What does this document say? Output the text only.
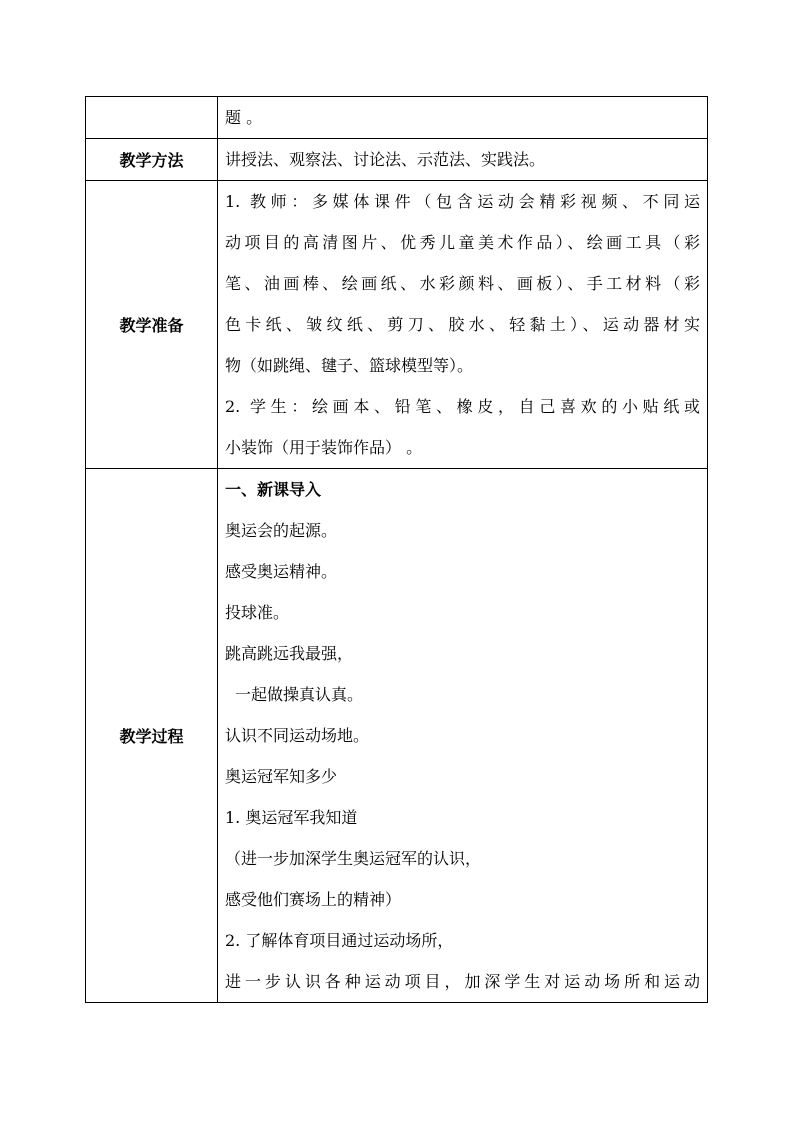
题 。
教学方法	讲授法、观察法、讨论法、示范法、实践法。
教学准备
1. 教师：多媒体课件（包含运动会精彩视频、不同运
动项目的高清图片、优秀儿童美术作品）、绘画工具（彩
笔、油画棒、绘画纸、水彩颜料、画板）、手工材料（彩
色卡纸、皱纹纸、剪刀、胶水、轻黏土）、运动器材实
物（如跳绳、毽子、篮球模型等）。
2. 学生：绘画本、铅笔、橡皮，自己喜欢的小贴纸或
小装饰（用于装饰作品） 。
教学过程
一、新课导入
奥运会的起源。
感受奥运精神。
投球准。
跳高跳远我最强，
一起做操真认真。
认识不同运动场地。
奥运冠军知多少
1. 奥运冠军我知道
（进一步加深学生奥运冠军的认识，
感受他们赛场上的精神）
2. 了解体育项目通过运动场所，
进一步认识各种运动项目，加深学生对运动场所和运动
